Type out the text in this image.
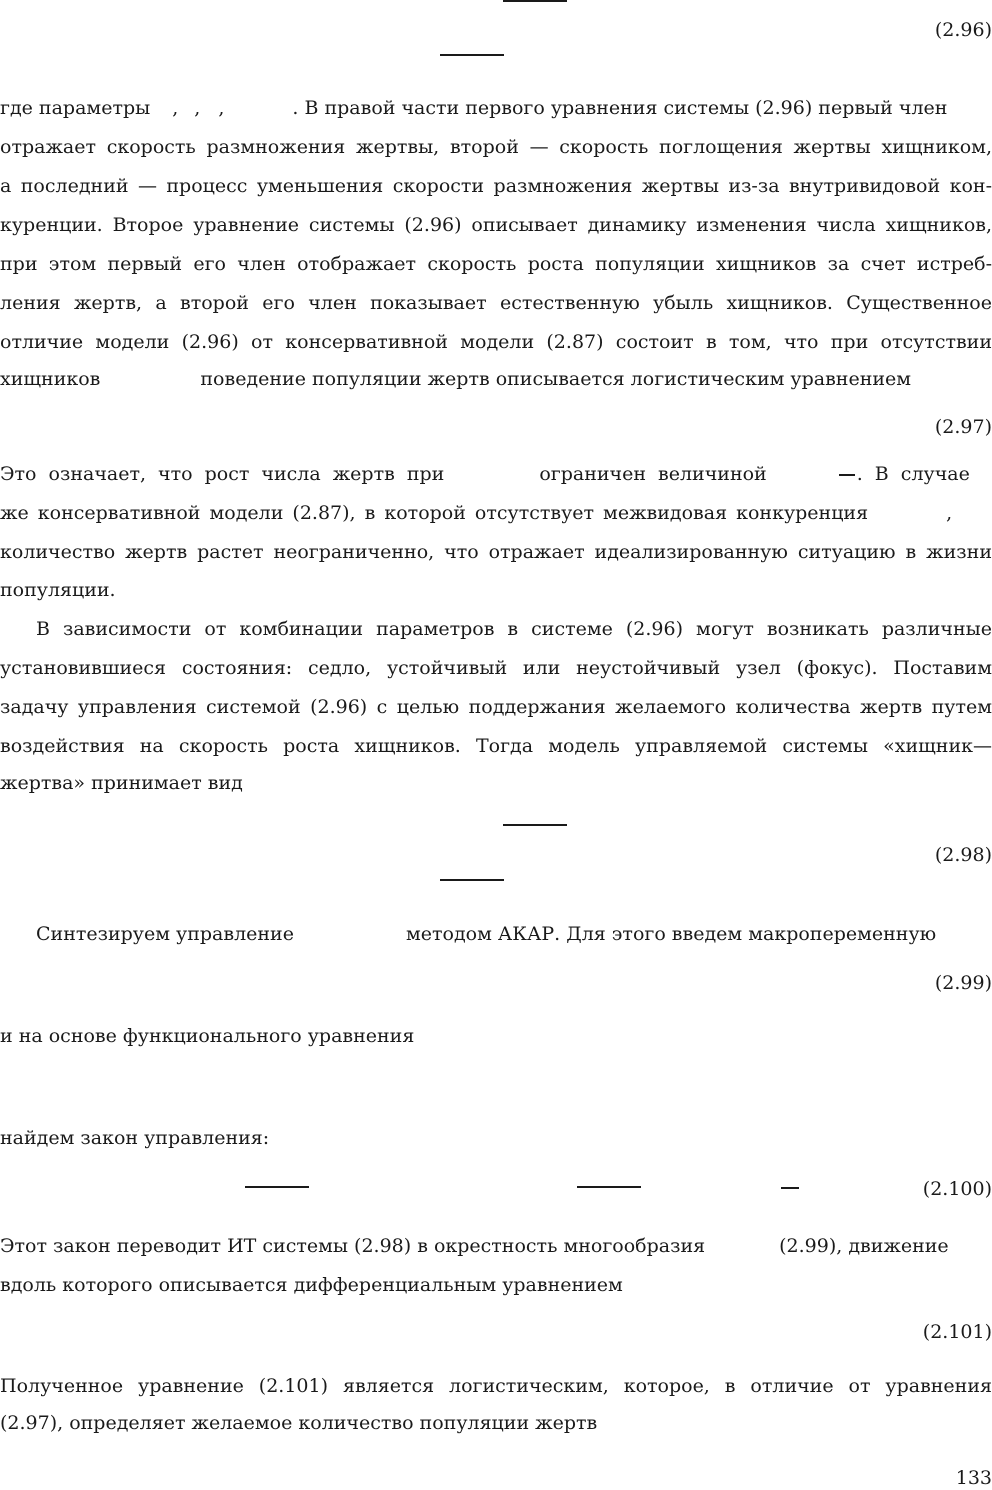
(2.96)
где параметры , , ,	. В правой части первого уравнения системы (2.96) первый член
отражает скорость размножения жертвы, второй — скорость поглощения жертвы хищником,
а последний — процесс уменьшения скорости размножения жертвы из-за внутривидовой кон-
куренции. Второе уравнение системы (2.96) описывает динамику изменения числа хищников,
при этом первый его член отображает скорость роста популяции хищников за счет истреб-
ления жертв, а второй его член показывает естественную убыль хищников. Существенное
отличие модели (2.96) от консервативной модели (2.87) состоит в том, что при отсутствии
хищников	поведение популяции жертв описывается логистическим уравнением
(2.97)
Это означает, что рост числа жертв при	ограничен величиной	. В случае
же консервативной модели (2.87), в которой отсутствует межвидовая конкуренция	,
количество жертв растет неограниченно, что отражает идеализированную ситуацию в жизни
популяции.
В зависимости от комбинации параметров в системе (2.96) могут возникать различные
установившиеся состояния: седло, устойчивый или неустойчивый узел (фокус). Поставим
задачу управления системой (2.96) с целью поддержания желаемого количества жертв путем
воздействия на скорость роста хищников. Тогда модель управляемой системы «хищник—
жертва» принимает вид
(2.98)
Синтезируем управление	методом АКАР. Для этого введем макропеременную
(2.99)
и на основе функционального уравнения
найдем закон управления:
(2.100)
Этот закон переводит ИТ системы (2.98) в окрестность многообразия	(2.99), движение
вдоль которого описывается дифференциальным уравнением
(2.101)
Полученное уравнение (2.101) является логистическим, которое, в отличие от уравнения
(2.97), определяет желаемое количество популяции жертв
133
